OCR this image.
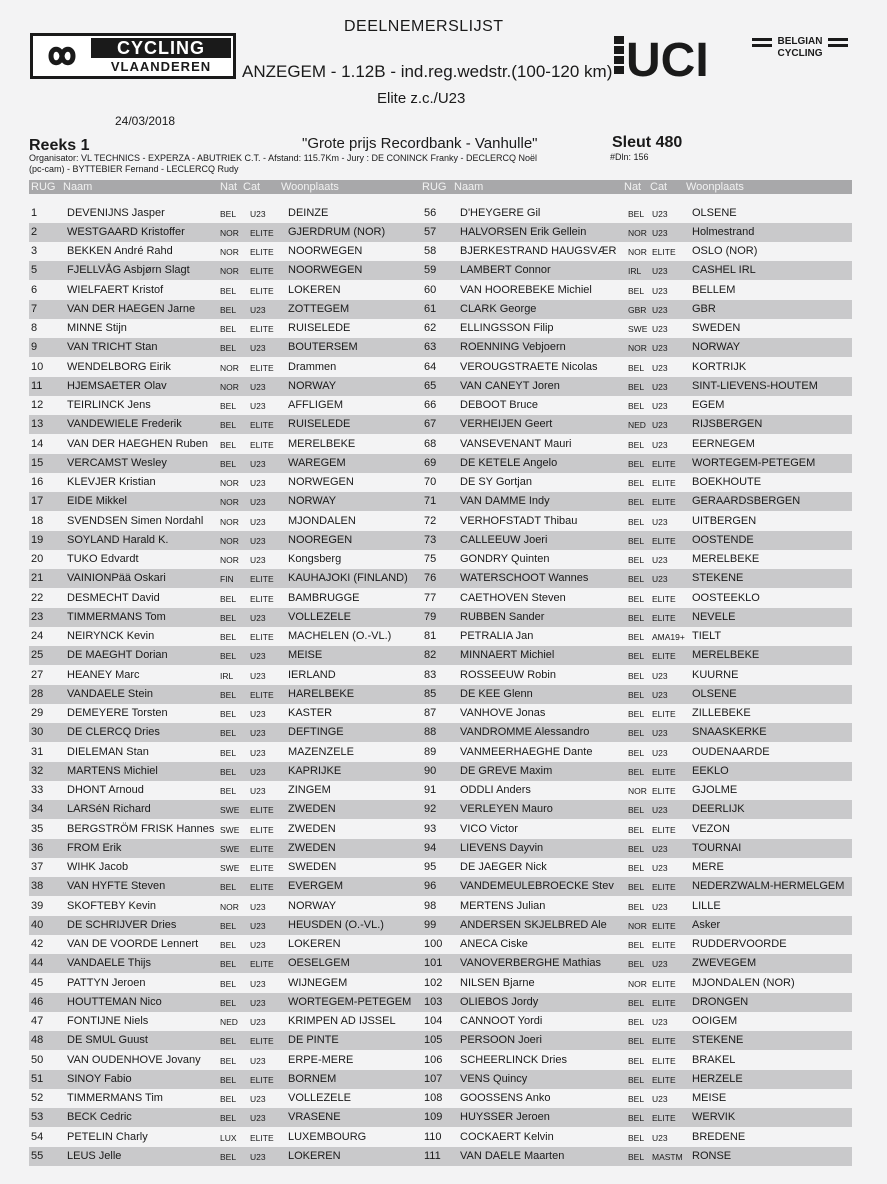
CYCLING
VLAANDEREN
DEELNEMERSLIJST
ANZEGEM - 1.12B - ind.reg.wedstr.(100-120 km)
Elite z.c./U23
24/03/2018
UCI	BELGIAN
CYCLING
Reeks 1	"Grote prijs Recordbank - Vanhulle"	Sleut 480
#Dln: 156
Organisator: VL TECHNICS - EXPERZA - ABUTRIEK C.T. - Afstand: 115.7Km - Jury : DE CONINCK Franky - DECLERCQ Noël
(pc-cam) - BYTTEBIER Fernand - LECLERCQ Rudy
RUG Naam	Nat Cat Woonplaats	RUG Naam	Nat Cat Woonplaats
1	DEVENIJNS Jasper	BEL U23 DEINZE
2	WESTGAARD Kristoffer	NOR ELITE GJERDRUM (NOR)
3	BEKKEN André Rahd	NOR ELITE NOORWEGEN
5	FJELLVÅG Asbjørn Slagt	NOR ELITE NOORWEGEN
6	WIELFAERT Kristof	BEL ELITE LOKEREN
7	VAN DER HAEGEN Jarne	BEL U23 ZOTTEGEM
8	MINNE Stijn	BEL ELITE RUISELEDE
9	VAN TRICHT Stan	BEL U23 BOUTERSEM
10 WENDELBORG Eirik	NOR ELITE Drammen
11 HJEMSAETER Olav	NOR U23 NORWAY
12 TEIRLINCK Jens	BEL U23 AFFLIGEM
13 VANDEWIELE Frederik	BEL ELITE RUISELEDE
14 VAN DER HAEGHEN Ruben BEL ELITE MERELBEKE
15 VERCAMST Wesley	BEL U23 WAREGEM
16 KLEVJER Kristian	NOR U23 NORWEGEN
17 EIDE Mikkel	NOR U23 NORWAY
18 SVENDSEN Simen Nordahl NOR U23 MJONDALEN
19 SOYLAND Harald K.	NOR U23 NOOREGEN
20 TUKO Edvardt	NOR U23 Kongsberg
21 VAINIONPää Oskari	FIN ELITE KAUHAJOKI (FINLAND)
22 DESMECHT David	BEL ELITE BAMBRUGGE
23 TIMMERMANS Tom	BEL U23 VOLLEZELE
24 NEIRYNCK Kevin	BEL ELITE MACHELEN (O.-VL.)
25 DE MAEGHT Dorian	BEL U23 MEISE
27 HEANEY Marc	IRL U23 IERLAND
28 VANDAELE Stein	BEL ELITE HARELBEKE
29 DEMEYERE Torsten	BEL U23 KASTER
30 DE CLERCQ Dries	BEL U23 DEFTINGE
31 DIELEMAN Stan	BEL U23 MAZENZELE
32 MARTENS Michiel	BEL U23 KAPRIJKE
33 DHONT Arnoud	BEL U23 ZINGEM
34 LARSéN Richard	SWE ELITE ZWEDEN
35 BERGSTRÖM FRISK Hannes SWE ELITE ZWEDEN
36 FROM Erik	SWE ELITE ZWEDEN
37 WIHK Jacob	SWE ELITE SWEDEN
38 VAN HYFTE Steven	BEL ELITE EVERGEM
39 SKOFTEBY Kevin	NOR U23 NORWAY
40 DE SCHRIJVER Dries	BEL U23 HEUSDEN (O.-VL.)
42 VAN DE VOORDE Lennert	BEL U23 LOKEREN
44 VANDAELE Thijs	BEL ELITE OESELGEM
45 PATTYN Jeroen	BEL U23 WIJNEGEM
46 HOUTTEMAN Nico	BEL U23 WORTEGEM-PETEGEM
47 FONTIJNE Niels	NED U23 KRIMPEN AD IJSSEL
48 DE SMUL Guust	BEL ELITE DE PINTE
50 VAN OUDENHOVE Jovany BEL U23 ERPE-MERE
51 SINOY Fabio	BEL ELITE BORNEM
52 TIMMERMANS Tim	BEL U23 VOLLEZELE
53 BECK Cedric	BEL U23 VRASENE
54 PETELIN Charly	LUX ELITE LUXEMBOURG
55 LEUS Jelle	BEL U23 LOKEREN
56 D'HEYGERE Gil	BEL U23 OLSENE
57 HALVORSEN Erik Gellein	NOR U23 Holmestrand
58 BJERKESTRAND HAUGSVÆR NOR ELITE OSLO (NOR)
59 LAMBERT Connor	IRL U23 CASHEL IRL
60 VAN HOOREBEKE Michiel	BEL U23 BELLEM
61 CLARK George	GBR U23 GBR
62 ELLINGSSON Filip	SWE U23 SWEDEN
63 ROENNING Vebjoern	NOR U23 NORWAY
64 VEROUGSTRAETE Nicolas	BEL U23 KORTRIJK
65 VAN CANEYT Joren	BEL U23 SINT-LIEVENS-HOUTEM
66 DEBOOT Bruce	BEL U23 EGEM
67 VERHEIJEN Geert	NED U23 RIJSBERGEN
68 VANSEVENANT Mauri	BEL U23 EERNEGEM
69 DE KETELE Angelo	BEL ELITE WORTEGEM-PETEGEM
70 DE SY Gortjan	BEL ELITE BOEKHOUTE
71 VAN DAMME Indy	BEL ELITE GERAARDSBERGEN
72 VERHOFSTADT Thibau	BEL U23 UITBERGEN
73 CALLEEUW Joeri	BEL ELITE OOSTENDE
75 GONDRY Quinten	BEL U23 MERELBEKE
76 WATERSCHOOT Wannes	BEL U23 STEKENE
77 CAETHOVEN Steven	BEL ELITE OOSTEEKLO
79 RUBBEN Sander	BEL ELITE NEVELE
81 PETRALIA Jan	BEL AMA19+ TIELT
82 MINNAERT Michiel	BEL ELITE MERELBEKE
83 ROSSEEUW Robin	BEL U23 KUURNE
85 DE KEE Glenn	BEL U23 OLSENE
87 VANHOVE Jonas	BEL ELITE ZILLEBEKE
88 VANDROMME Alessandro	BEL U23 SNAASKERKE
89 VANMEERHAEGHE Dante	BEL U23 OUDENAARDE
90 DE GREVE Maxim	BEL ELITE EEKLO
91 ODDLI Anders	NOR ELITE GJOLME
92 VERLEYEN Mauro	BEL U23 DEERLIJK
93 VICO Victor	BEL ELITE VEZON
94 LIEVENS Dayvin	BEL U23 TOURNAI
95 DE JAEGER Nick	BEL U23 MERE
96 VANDEMEULEBROECKE Stev BEL ELITE NEDERZWALM-HERMELGEM
98 MERTENS Julian	BEL U23 LILLE
99 ANDERSEN SKJELBRED Ale	NOR ELITE Asker
100 ANECA Ciske	BEL ELITE RUDDERVOORDE
101 VANOVERBERGHE Mathias	BEL U23 ZWEVEGEM
102 NILSEN Bjarne	NOR ELITE MJONDALEN (NOR)
103 OLIEBOS Jordy	BEL ELITE DRONGEN
104 CANNOOT Yordi	BEL U23 OOIGEM
105 PERSOON Joeri	BEL ELITE STEKENE
106 SCHEERLINCK Dries	BEL ELITE BRAKEL
107 VENS Quincy	BEL ELITE HERZELE
108 GOOSSENS Anko	BEL U23 MEISE
109 HUYSSER Jeroen	BEL ELITE WERVIK
110 COCKAERT Kelvin	BEL U23 BREDENE
111 VAN DAELE Maarten	BEL MASTM RONSE
